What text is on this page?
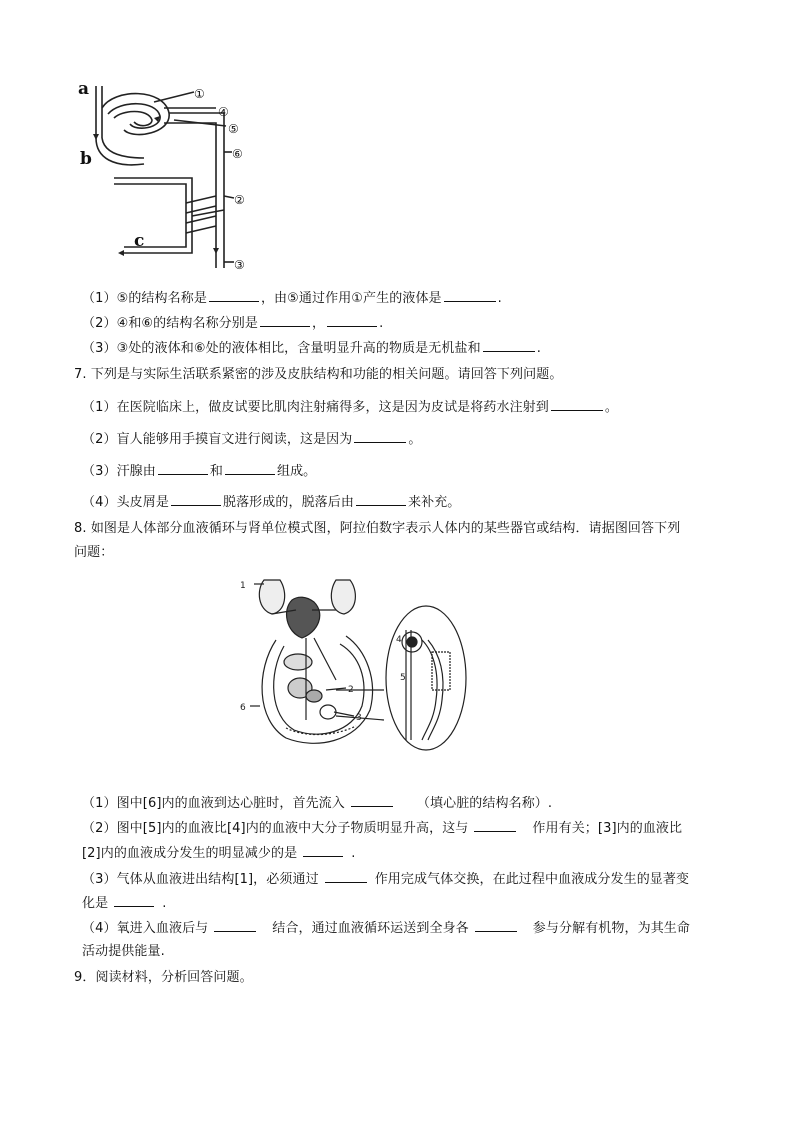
a
b
c
①
④
⑤
⑥
②
③
（1）⑤的结构名称是	，由⑤通过作用①产生的液体是	.
（2）④和⑥的结构名称分别是	，	.
（3）③处的液体和⑥处的液体相比，含量明显升高的物质是无机盐和	.
7. 下列是与实际生活联系紧密的涉及皮肤结构和功能的相关问题。请回答下列问题。
（1）在医院临床上，做皮试要比肌肉注射痛得多，这是因为皮试是将药水注射到	。
（2）盲人能够用手摸盲文进行阅读，这是因为	。
（3）汗腺由	和	组成。
（4）头皮屑是	脱落形成的，脱落后由	来补充。
8. 如图是人体部分血液循环与肾单位模式图，阿拉伯数字表示人体内的某些器官或结构．请据图回答下列
问题：
1
2
3
4
5
6
（1）图中[6]内的血液到达心脏时，首先流入	（填心脏的结构名称）.
（2）图中[5]内的血液比[4]内的血液中大分子物质明显升高，这与	作用有关；[3]内的血液比
[2]内的血液成分发生的明显减少的是	.
（3）气体从血液进出结构[1]，必须通过	作用完成气体交换，在此过程中血液成分发生的显著变
化是	.
（4）氧进入血液后与	结合，通过血液循环运送到全身各	参与分解有机物，为其生命
活动提供能量.
9．阅读材料，分析回答问题。
